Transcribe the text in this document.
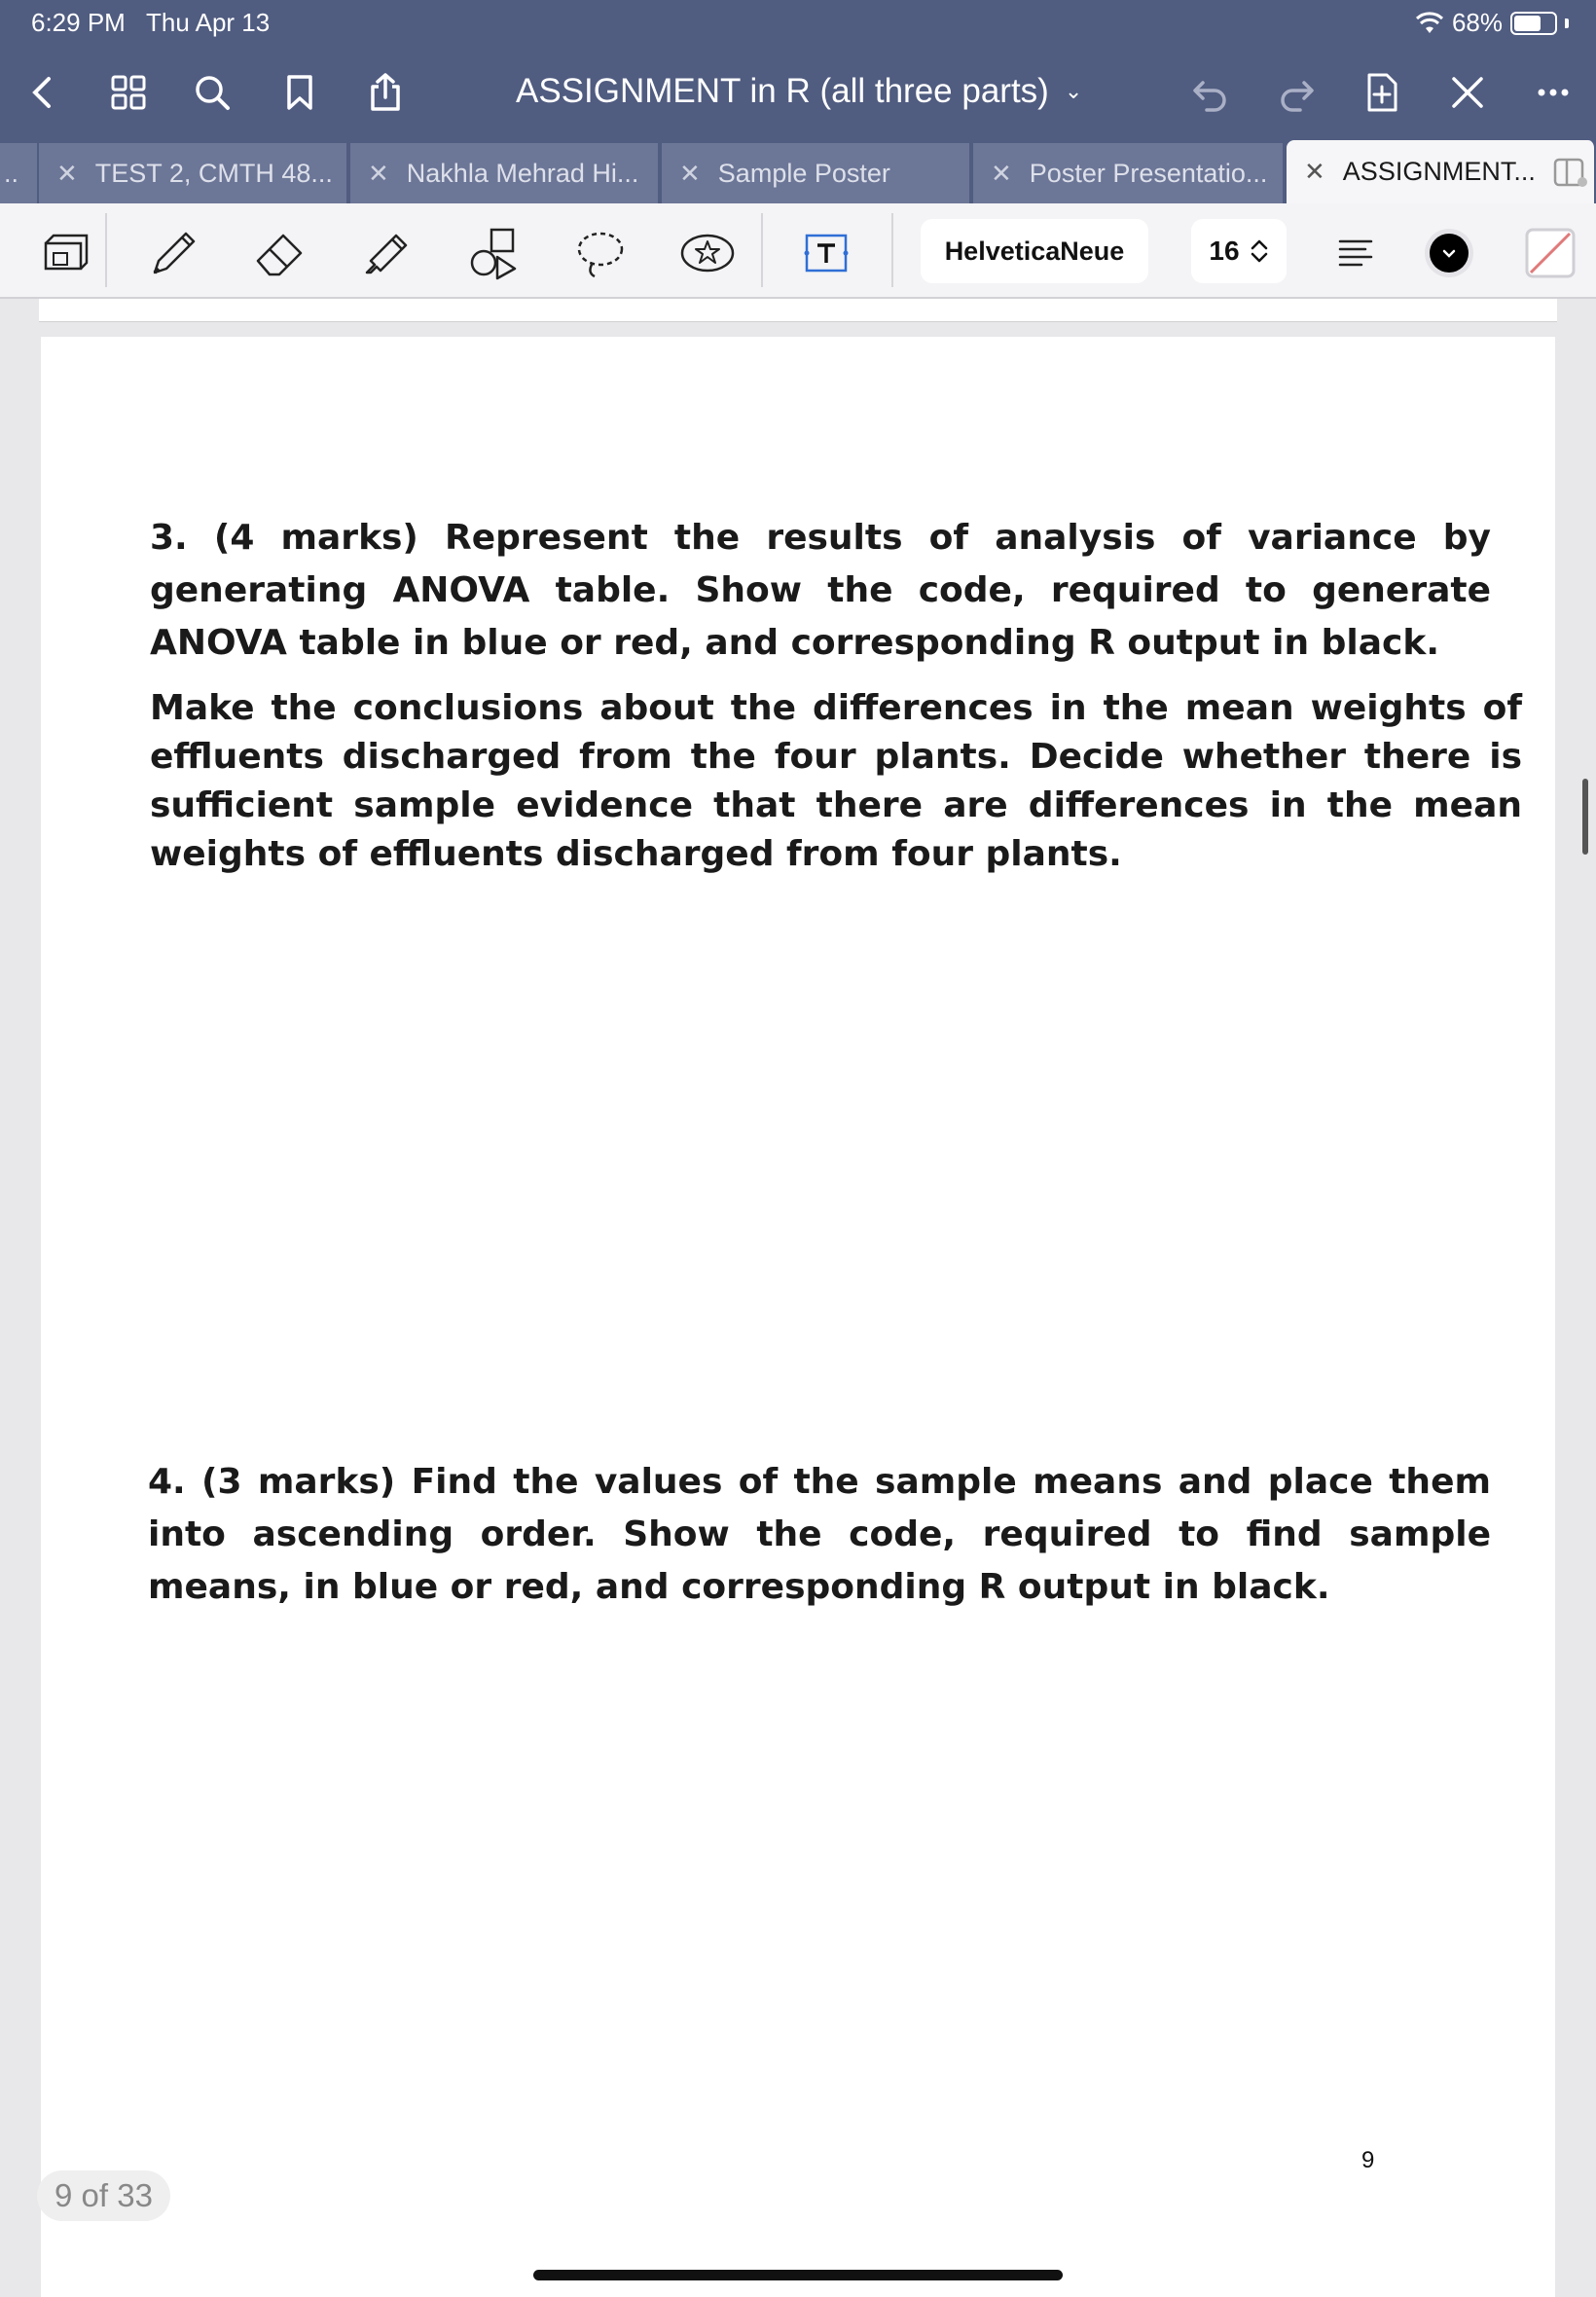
6:29 PM Thu Apr 13	68%
ASSIGNMENT in R (all three parts) ⌄
..	✕ TEST 2, CMTH 48... ✕ Nakhla Mehrad Hi... ✕ Sample Poster	✕ Poster Presentatio... ✕ ASSIGNMENT...
HelveticaNeue	16
3. (4 marks) Represent the results of analysis of variance by generating ANOVA table. Show the code, required to generate ANOVA table in blue or red, and corresponding R output in black.
Make the conclusions about the differences in the mean weights of effluents discharged from the four plants. Decide whether there is sufficient sample evidence that there are differences in the mean weights of effluents discharged from four plants.
4. (3 marks) Find the values of the sample means and place them into ascending order. Show the code, required to find sample means, in blue or red, and corresponding R output in black.
9
9 of 33
